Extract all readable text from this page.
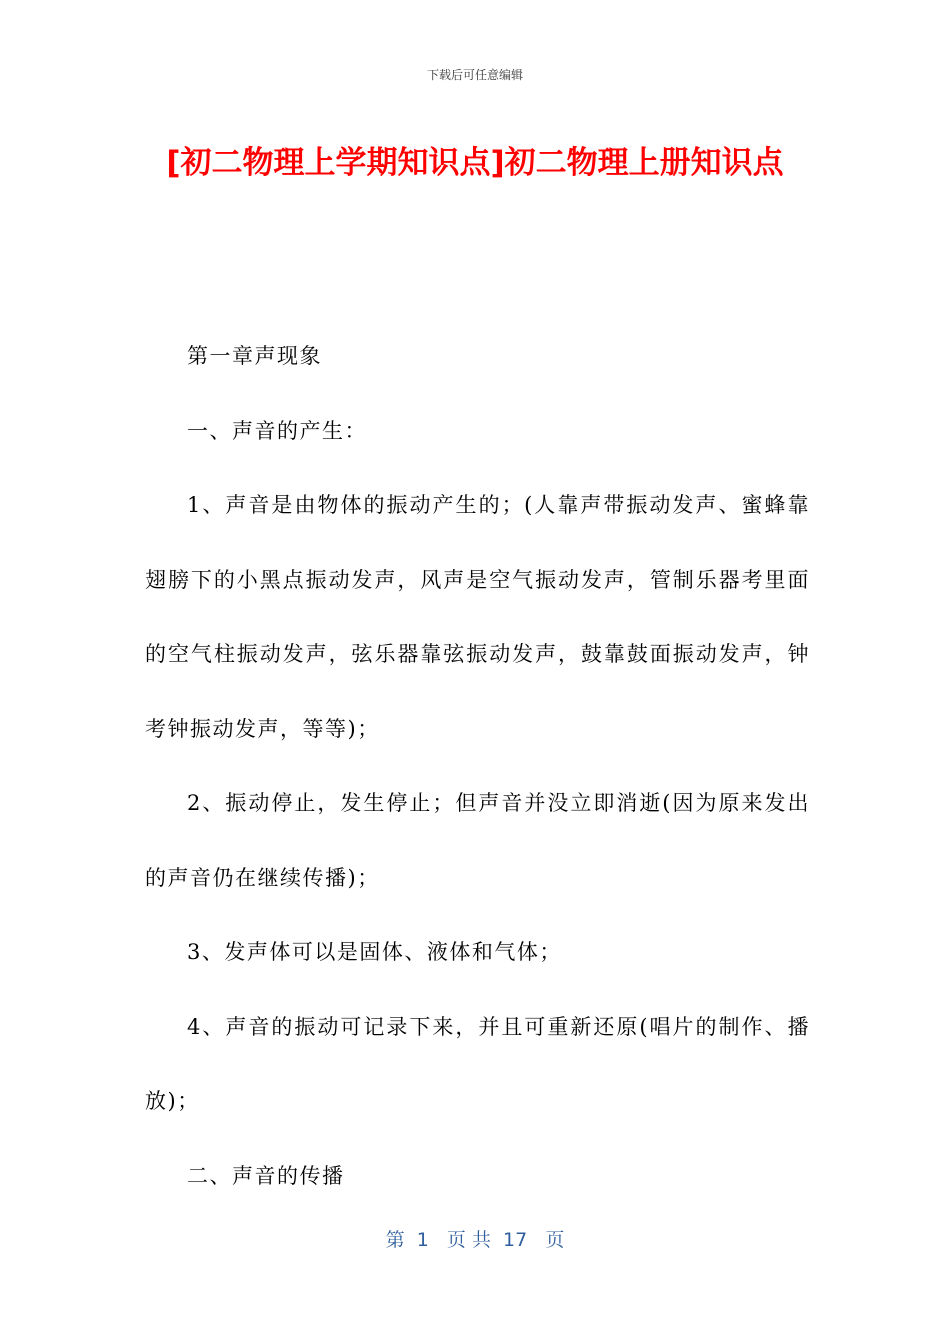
下载后可任意编辑
[初二物理上学期知识点]初二物理上册知识点

第一章声现象

一、声音的产生：

1、声音是由物体的振动产生的；(人靠声带振动发声、蜜蜂靠翅膀下的小黑点振动发声，风声是空气振动发声，管制乐器考里面的空气柱振动发声，弦乐器靠弦振动发声，鼓靠鼓面振动发声，钟考钟振动发声，等等)；

2、振动停止，发生停止；但声音并没立即消逝(因为原来发出的声音仍在继续传播)；

3、发声体可以是固体、液体和气体；

4、声音的振动可记录下来，并且可重新还原(唱片的制作、播放)；

二、声音的传播

第  1   页 共  17   页
